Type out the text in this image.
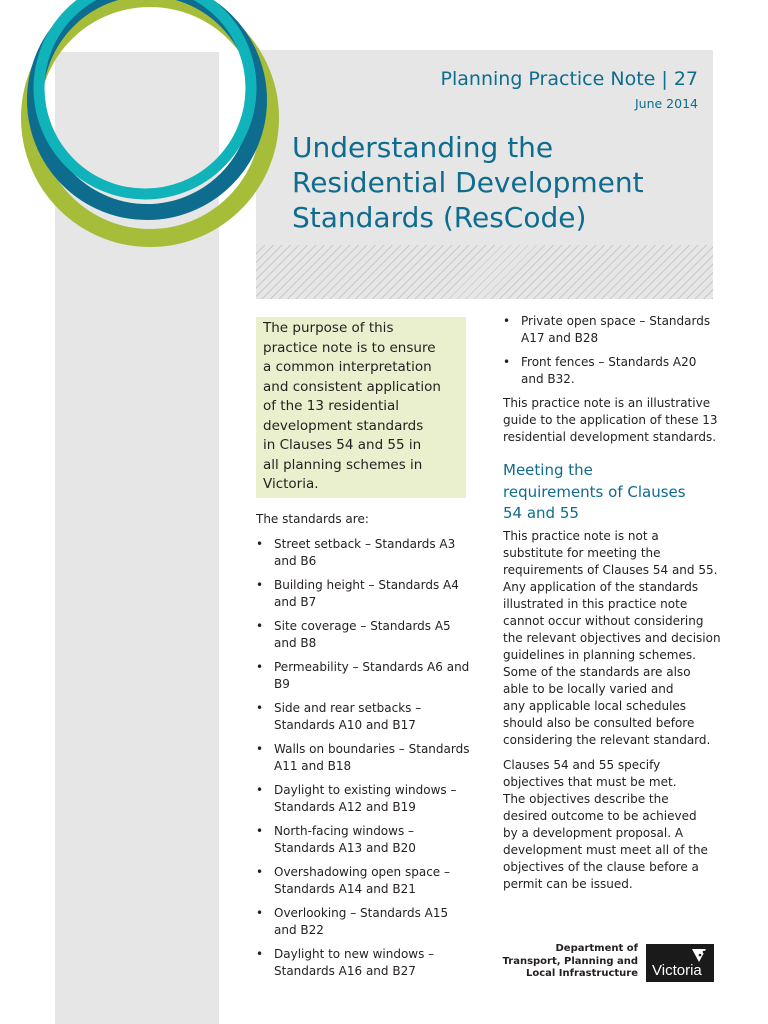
Planning Practice Note | 27
June 2014
Understanding the
Residential Development
Standards (ResCode)
The purpose of this
practice note is to ensure
a common interpretation
and consistent application
of the 13 residential
development standards
in Clauses 54 and 55 in
all planning schemes in
Victoria.
The standards are:
• Street setback – Standards A3
and B6
• Building height – Standards A4
and B7
• Site coverage – Standards A5
and B8
• Permeability – Standards A6 and
B9
• Side and rear setbacks –
Standards A10 and B17
• Walls on boundaries – Standards
A11 and B18
• Daylight to existing windows –
Standards A12 and B19
• North-facing windows –
Standards A13 and B20
• Overshadowing open space –
Standards A14 and B21
• Overlooking – Standards A15
and B22
• Daylight to new windows –
Standards A16 and B27
• Private open space – Standards
A17 and B28
• Front fences – Standards A20
and B32.
This practice note is an illustrative
guide to the application of these 13
residential development standards.
Meeting the
requirements of Clauses
54 and 55
This practice note is not a
substitute for meeting the
requirements of Clauses 54 and 55.
Any application of the standards
illustrated in this practice note
cannot occur without considering
the relevant objectives and decision
guidelines in planning schemes.
Some of the standards are also
able to be locally varied and
any applicable local schedules
should also be consulted before
considering the relevant standard.
Clauses 54 and 55 specify
objectives that must be met.
The objectives describe the
desired outcome to be achieved
by a development proposal. A
development must meet all of the
objectives of the clause before a
permit can be issued.
Department of
Transport, Planning and
Local Infrastructure Victoria
